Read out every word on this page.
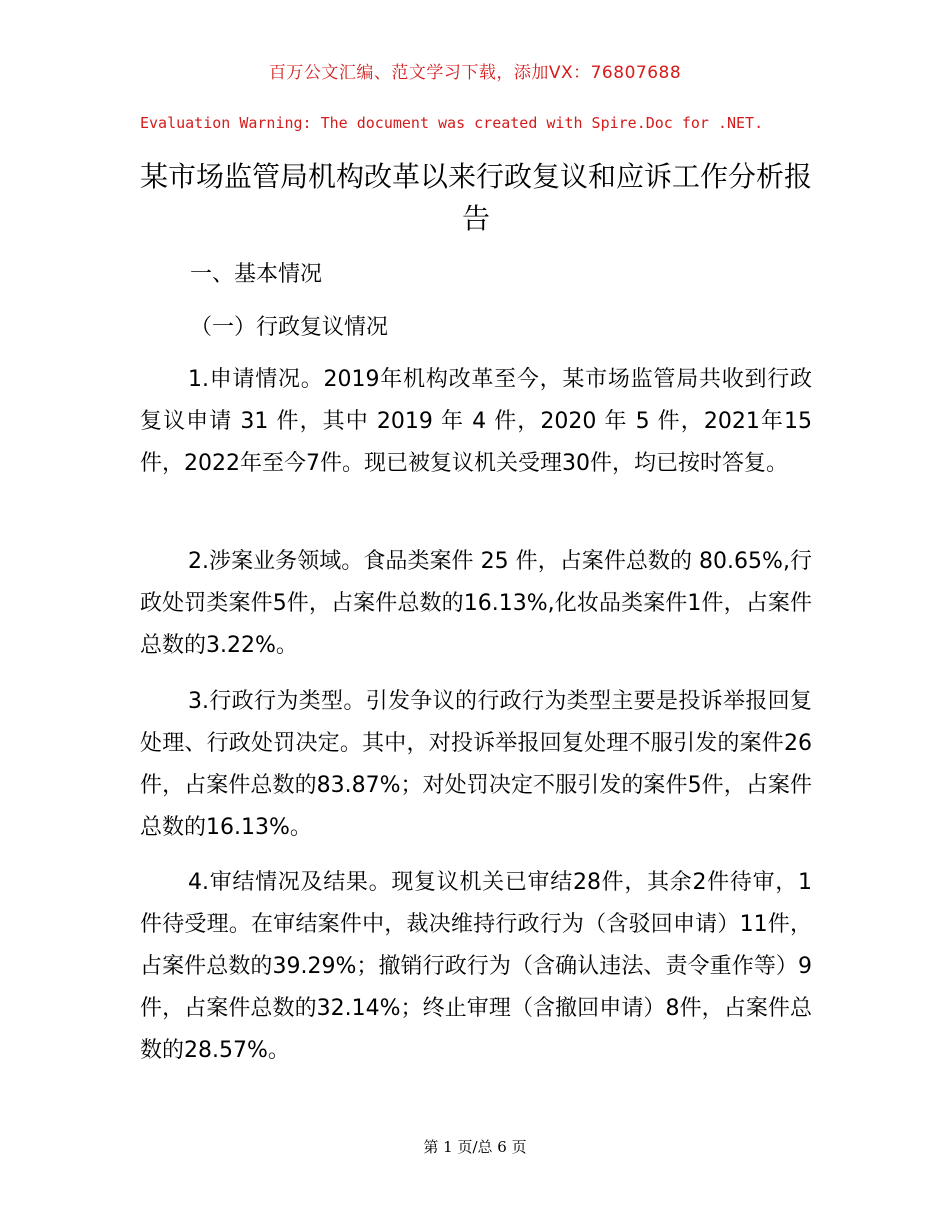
百万公文汇编、范文学习下载，添加VX：76807688
Evaluation Warning: The document was created with Spire.Doc for .NET.
某市场监管局机构改革以来行政复议和应诉工作分析报告
一、基本情况
（一）行政复议情况
1.申请情况。2019年机构改革至今，某市场监管局共收到行政复议申请 31 件，其中 2019 年 4 件，2020 年 5 件，2021年15件，2022年至今7件。现已被复议机关受理30件，均已按时答复。
2.涉案业务领域。食品类案件 25 件，占案件总数的 80.65%,行政处罚类案件5件，占案件总数的16.13%,化妆品类案件1件，占案件总数的3.22%。
3.行政行为类型。引发争议的行政行为类型主要是投诉举报回复处理、行政处罚决定。其中，对投诉举报回复处理不服引发的案件26件，占案件总数的83.87%；对处罚决定不服引发的案件5件，占案件总数的16.13%。
4.审结情况及结果。现复议机关已审结28件，其余2件待审，1件待受理。在审结案件中，裁决维持行政行为（含驳回申请）11件，占案件总数的39.29%；撤销行政行为（含确认违法、责令重作等）9件，占案件总数的32.14%；终止审理（含撤回申请）8件，占案件总数的28.57%。
第 1 页/总 6 页
